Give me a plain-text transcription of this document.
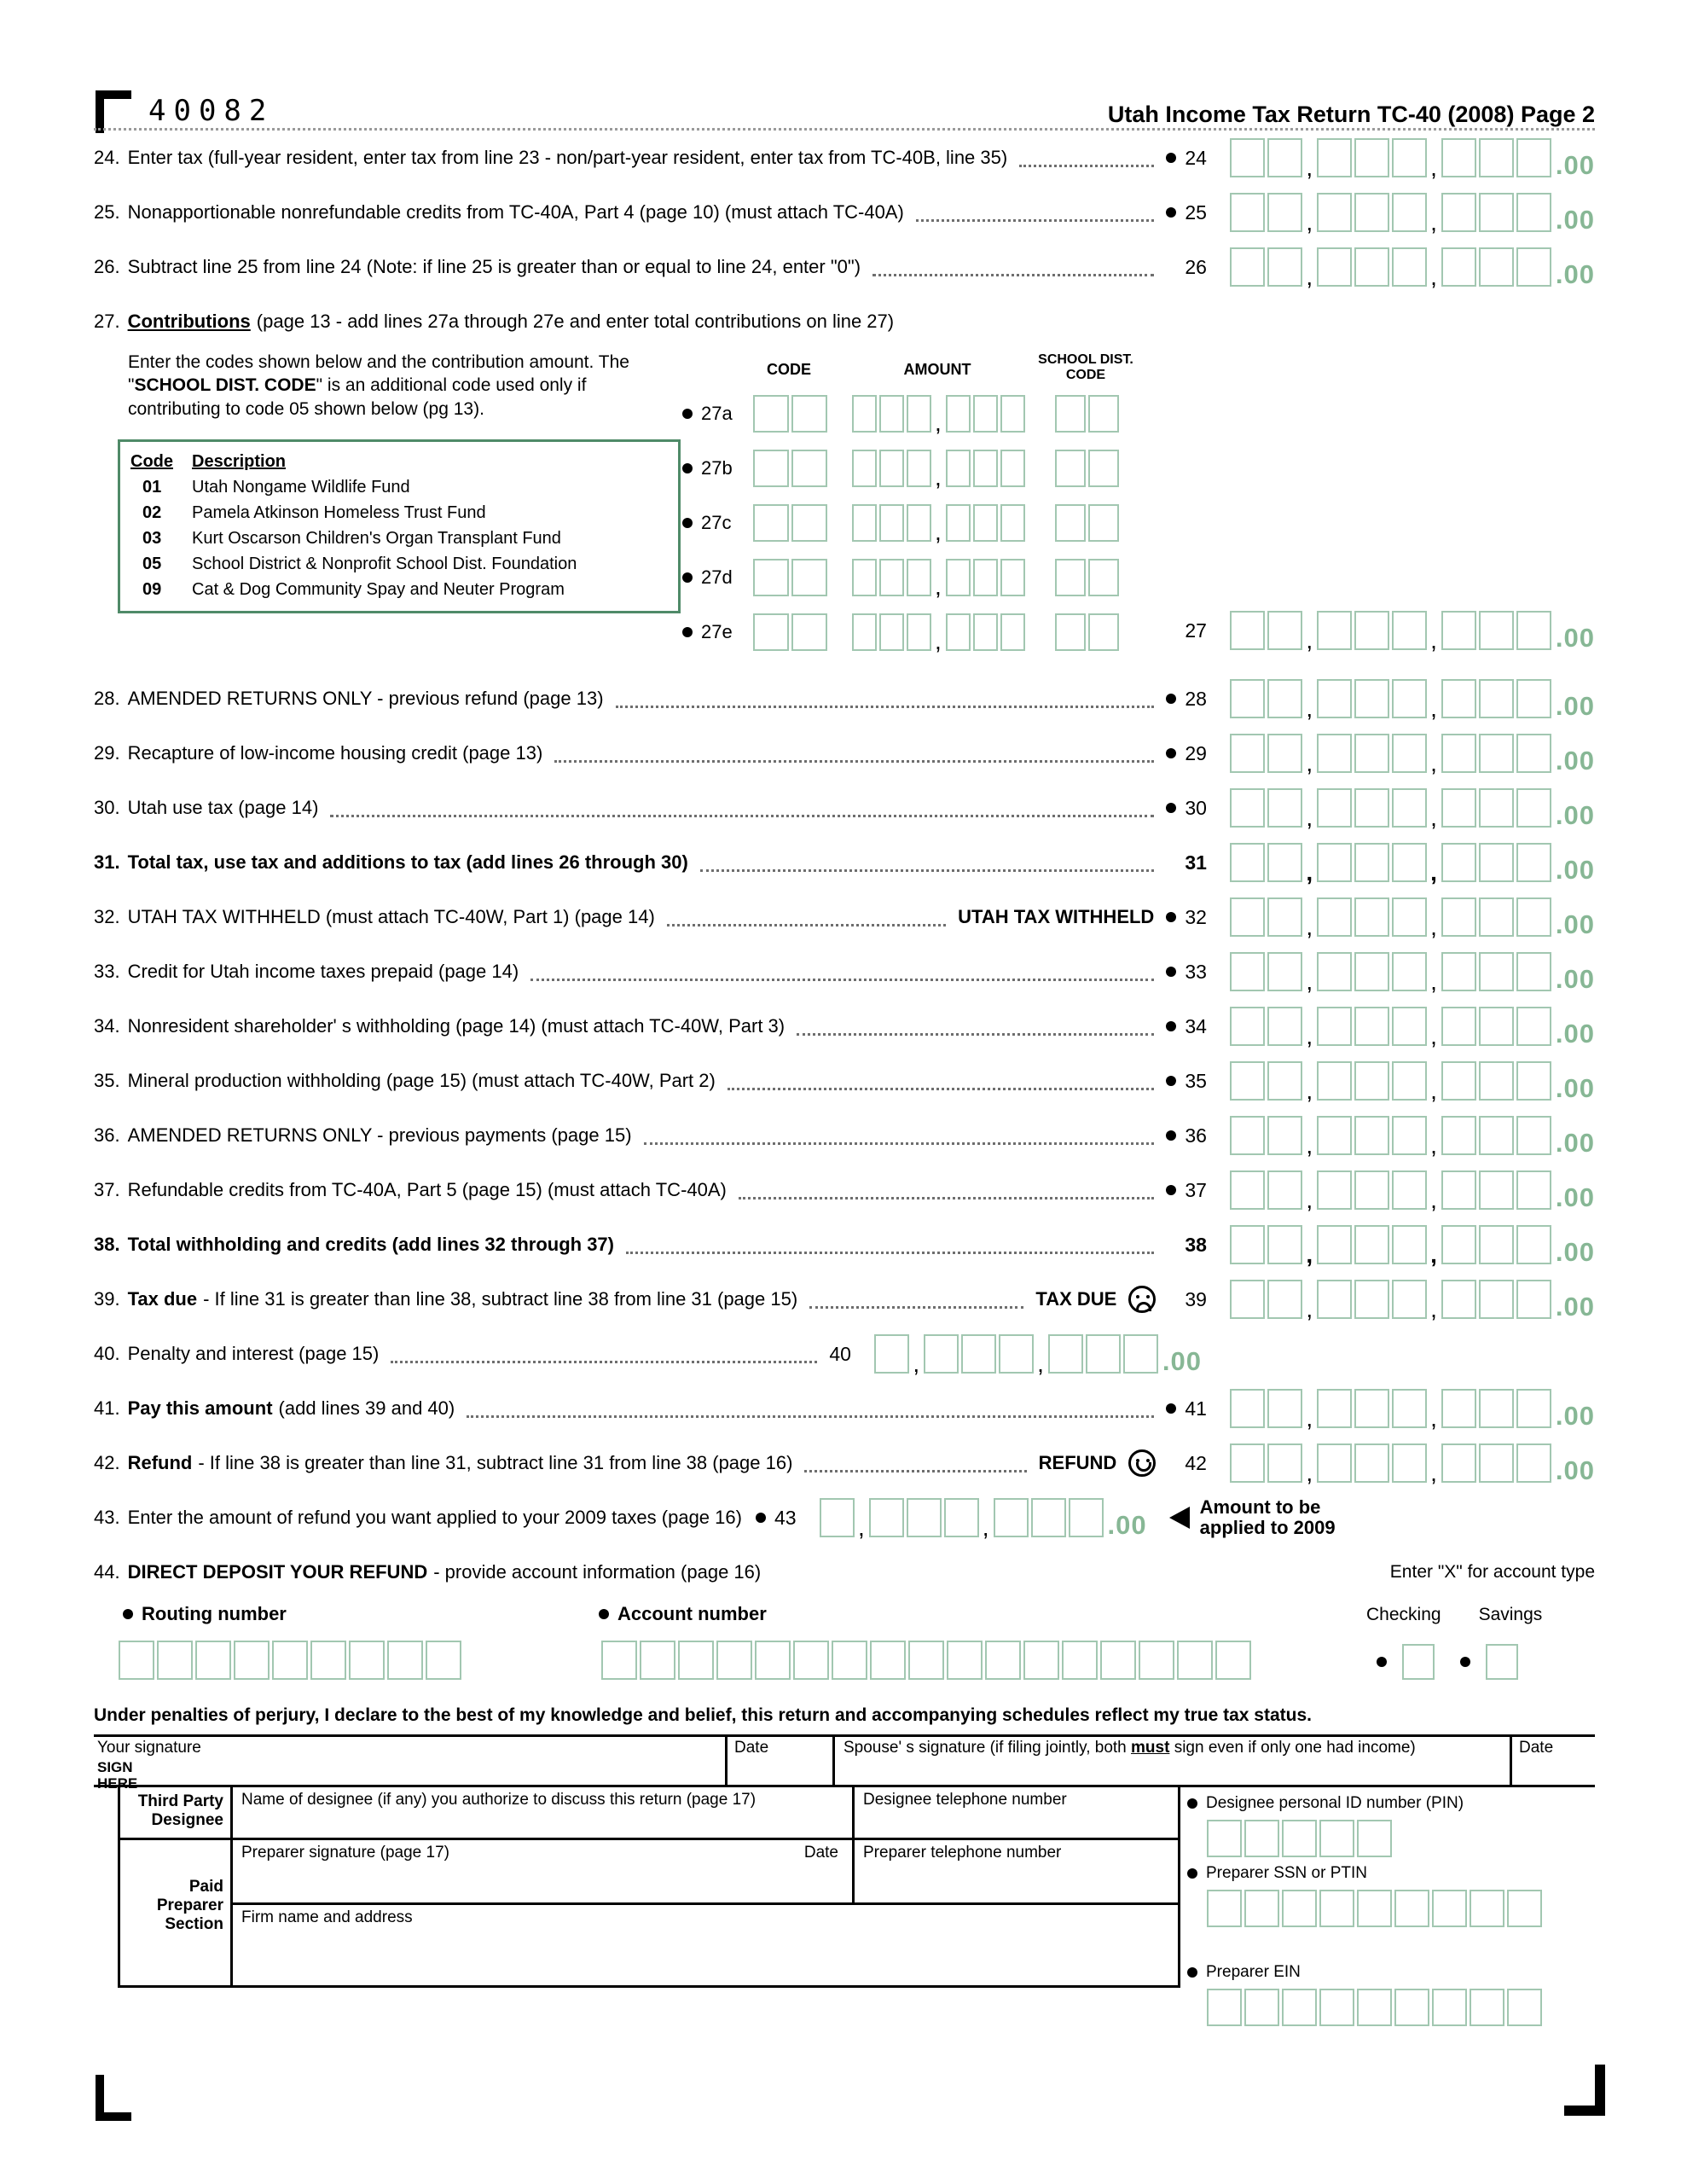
40082	Utah Income Tax Return TC-40 (2008) Page 2
24. Enter tax (full-year resident, enter tax from line 23 - non/part-year resident, enter tax from TC-40B, line 35)	24	,	,	.00
25. Nonapportionable nonrefundable credits from TC-40A, Part 4 (page 10) (must attach TC-40A)	25	,	,	.00
26. Subtract line 25 from line 24 (Note: if line 25 is greater than or equal to line 24, enter "0")	26	,	,	.00
27. Contributions (page 13 - add lines 27a through 27e and enter total contributions on line 27)
Enter the codes shown below and the contribution amount. The "SCHOOL DIST. CODE" is an additional code used only if contributing to code 05 shown below (pg 13).
Code	Description
01	Utah Nongame Wildlife Fund
02	Pamela Atkinson Homeless Trust Fund
03	Kurt Oscarson Children's Organ Transplant Fund
05	School District & Nonprofit School Dist. Foundation
09	Cat & Dog Community Spay and Neuter Program
CODE	AMOUNT
SCHOOL DIST.
CODE
27a	,
27b	,
27c	,
27d	,
27e	,	27	,	,	.00
28. AMENDED RETURNS ONLY - previous refund (page 13)	28	,	,	.00
29. Recapture of low-income housing credit (page 13)	29	,	,	.00
30. Utah use tax (page 14)	30	,	,	.00
31. Total tax, use tax and additions to tax (add lines 26 through 30)	31	,	,	.00
32. UTAH TAX WITHHELD (must attach TC-40W, Part 1) (page 14)	UTAH TAX WITHHELD 32	,	,	.00
33. Credit for Utah income taxes prepaid (page 14)	33	,	,	.00
34. Nonresident shareholder' s withholding (page 14) (must attach TC-40W, Part 3)	34	,	,	.00
35. Mineral production withholding (page 15) (must attach TC-40W, Part 2)	35	,	,	.00
36. AMENDED RETURNS ONLY - previous payments (page 15)	36	,	,	.00
37. Refundable credits from TC-40A, Part 5 (page 15) (must attach TC-40A)	37	,	,	.00
38. Total withholding and credits (add lines 32 through 37)	38	,	,	.00
39. Tax due - If line 31 is greater than line 38, subtract line 38 from line 31 (page 15)	TAX DUE	39	,	,	.00
40. Penalty and interest (page 15)	40	,	,	.00
41. Pay this amount (add lines 39 and 40)	41	,	,	.00
42. Refund - If line 38 is greater than line 31, subtract line 31 from line 38 (page 16)	REFUND	42	,	,	.00
43. Enter the amount of refund you want applied to your 2009 taxes (page 16) 43	,	,	.00
Amount to be
applied to 2009
44. DIRECT DEPOSIT YOUR REFUND - provide account information (page 16)	Enter "X" for account type
Routing number	Account number	Checking Savings
Under penalties of perjury, I declare to the best of my knowledge and belief, this return and accompanying schedules reflect my true tax status.
Your signature
SIGN
HERE
Date	Spouse' s signature (if filing jointly, both must sign even if only one had income)	Date
Third Party
Designee
Name of designee (if any) you authorize to discuss this return (page 17)	Designee telephone number
Paid
Preparer
Section
Preparer signature (page 17)	Date	Preparer telephone number
Firm name and address
Designee personal ID number (PIN)
Preparer SSN or PTIN
Preparer EIN
